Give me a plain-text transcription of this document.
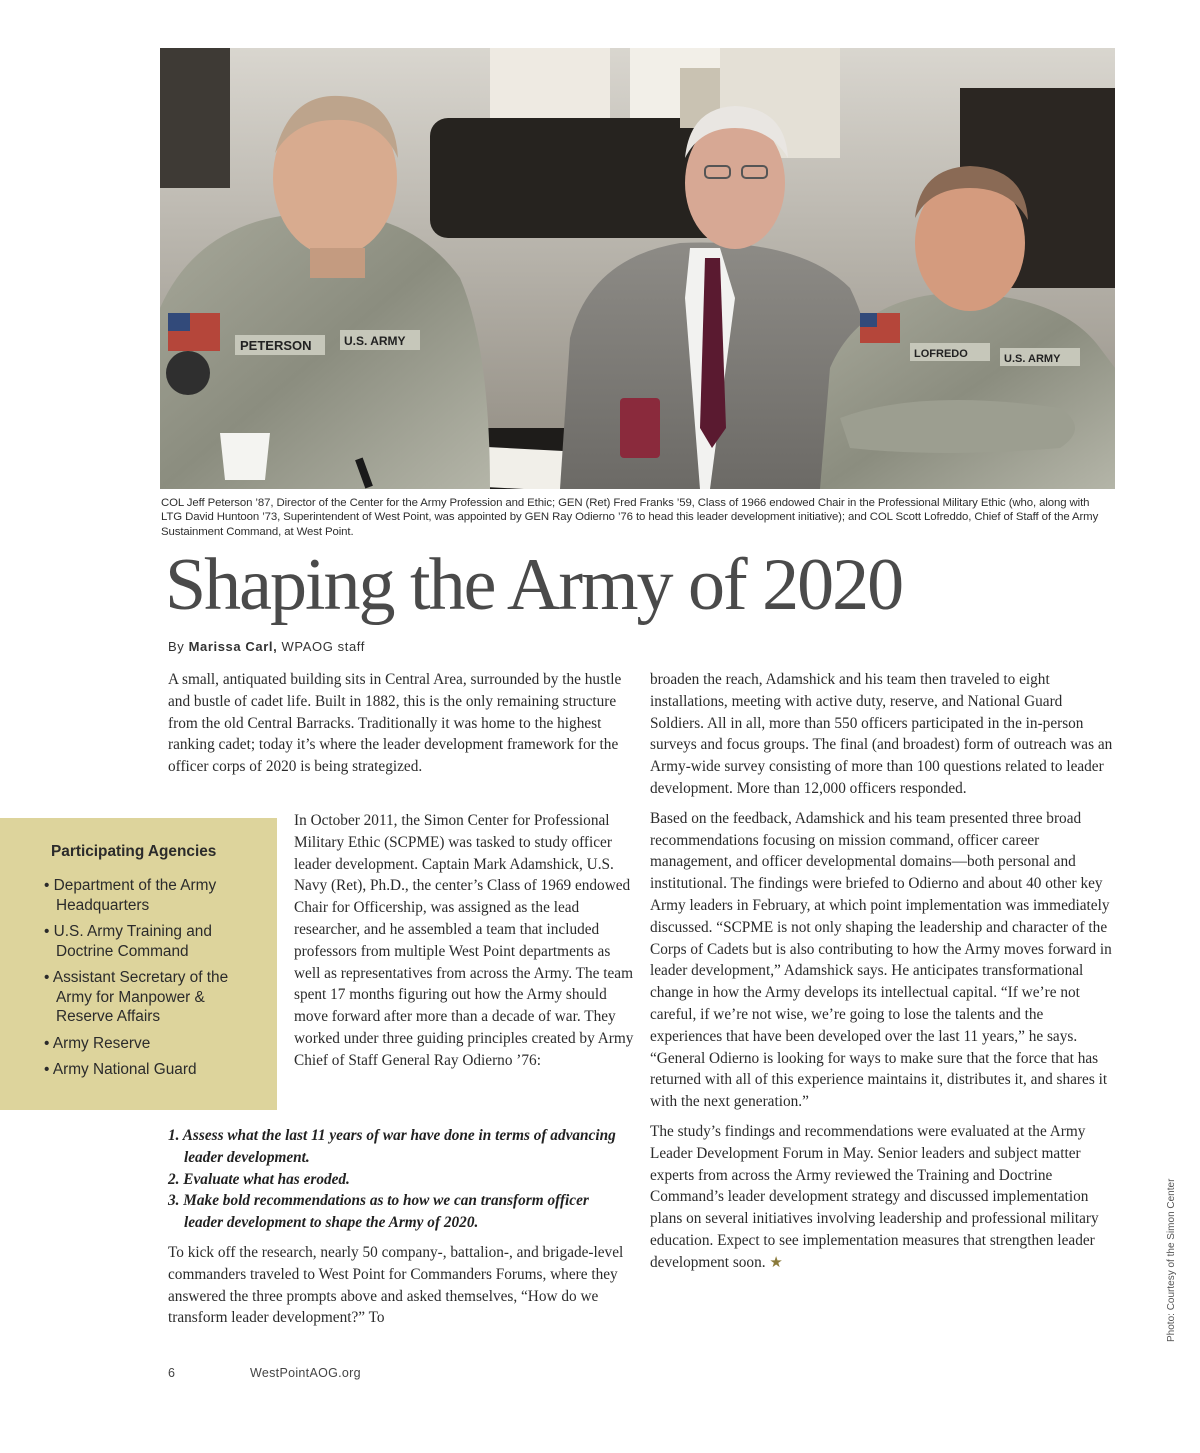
PETERSON	U.S. ARMY
LOFREDO	U.S. ARMY
COL Jeff Peterson ’87, Director of the Center for the Army Profession and Ethic; GEN (Ret) Fred Franks ’59, Class of 1966 endowed Chair in the Professional Military Ethic (who, along with LTG David Huntoon ’73, Superintendent of West Point, was appointed by GEN Ray Odierno ’76 to head this leader development initiative); and COL Scott Lofreddo, Chief of Staff of the Army Sustainment Command, at West Point.
Shaping the Army of 2020
By Marissa Carl, WPAOG staff

A small, antiquated building sits in Central Area, surrounded by the hustle and bustle of cadet life. Built in 1882, this is the only remaining structure from the old Central Barracks. Traditionally it was home to the highest ranking cadet; today it’s where the leader development framework for the officer corps of 2020 is being strategized.

Participating Agencies
• Department of the Army
Headquarters
• U.S. Army Training and
Doctrine Command
• Assistant Secretary of the
Army for Manpower &
Reserve Affairs
• Army Reserve
• Army National Guard

In October 2011, the Simon Center for Professional Military Ethic (SCPME) was tasked to study officer leader development. Captain Mark Adamshick, U.S. Navy (Ret), Ph.D., the center’s Class of 1969 endowed Chair for Officership, was assigned as the lead researcher, and he assembled a team that included professors from multiple West Point departments as well as representatives from across the Army. The team spent 17 months figuring out how the Army should move forward after more than a decade of war. They worked under three guiding principles created by Army Chief of Staff General Ray Odierno ’76:

1. Assess what the last 11 years of war have done in terms of advancing leader development.
2. Evaluate what has eroded.
3. Make bold recommendations as to how we can transform officer leader development to shape the Army of 2020.

To kick off the research, nearly 50 company-, battalion-, and brigade-level commanders traveled to West Point for Commanders Forums, where they answered the three prompts above and asked themselves, “How do we transform leader development?” To

broaden the reach, Adamshick and his team then traveled to eight installations, meeting with active duty, reserve, and National Guard Soldiers. All in all, more than 550 officers participated in the in-person surveys and focus groups. The final (and broadest) form of outreach was an Army-wide survey consisting of more than 100 questions related to leader development. More than 12,000 officers responded.

Based on the feedback, Adamshick and his team presented three broad recommendations focusing on mission command, officer career management, and officer developmental domains—both personal and institutional. The findings were briefed to Odierno and about 40 other key Army leaders in February, at which point implementation was immediately discussed. “SCPME is not only shaping the leadership and character of the Corps of Cadets but is also contributing to how the Army moves forward in leader development,” Adamshick says. He anticipates transformational change in how the Army develops its intellectual capital. “If we’re not careful, if we’re not wise, we’re going to lose the talents and the experiences that have been developed over the last 11 years,” he says. “General Odierno is looking for ways to make sure that the force that has returned with all of this experience maintains it, distributes it, and shares it with the next generation.”

The study’s findings and recommendations were evaluated at the Army Leader Development Forum in May. Senior leaders and subject matter experts from across the Army reviewed the Training and Doctrine Command’s leader development strategy and discussed implementation plans on several initiatives involving leadership and professional military education. Expect to see implementation measures that strengthen leader development soon. ★

6	WestPointAOG.org
Photo: Courtesy of the Simon Center
